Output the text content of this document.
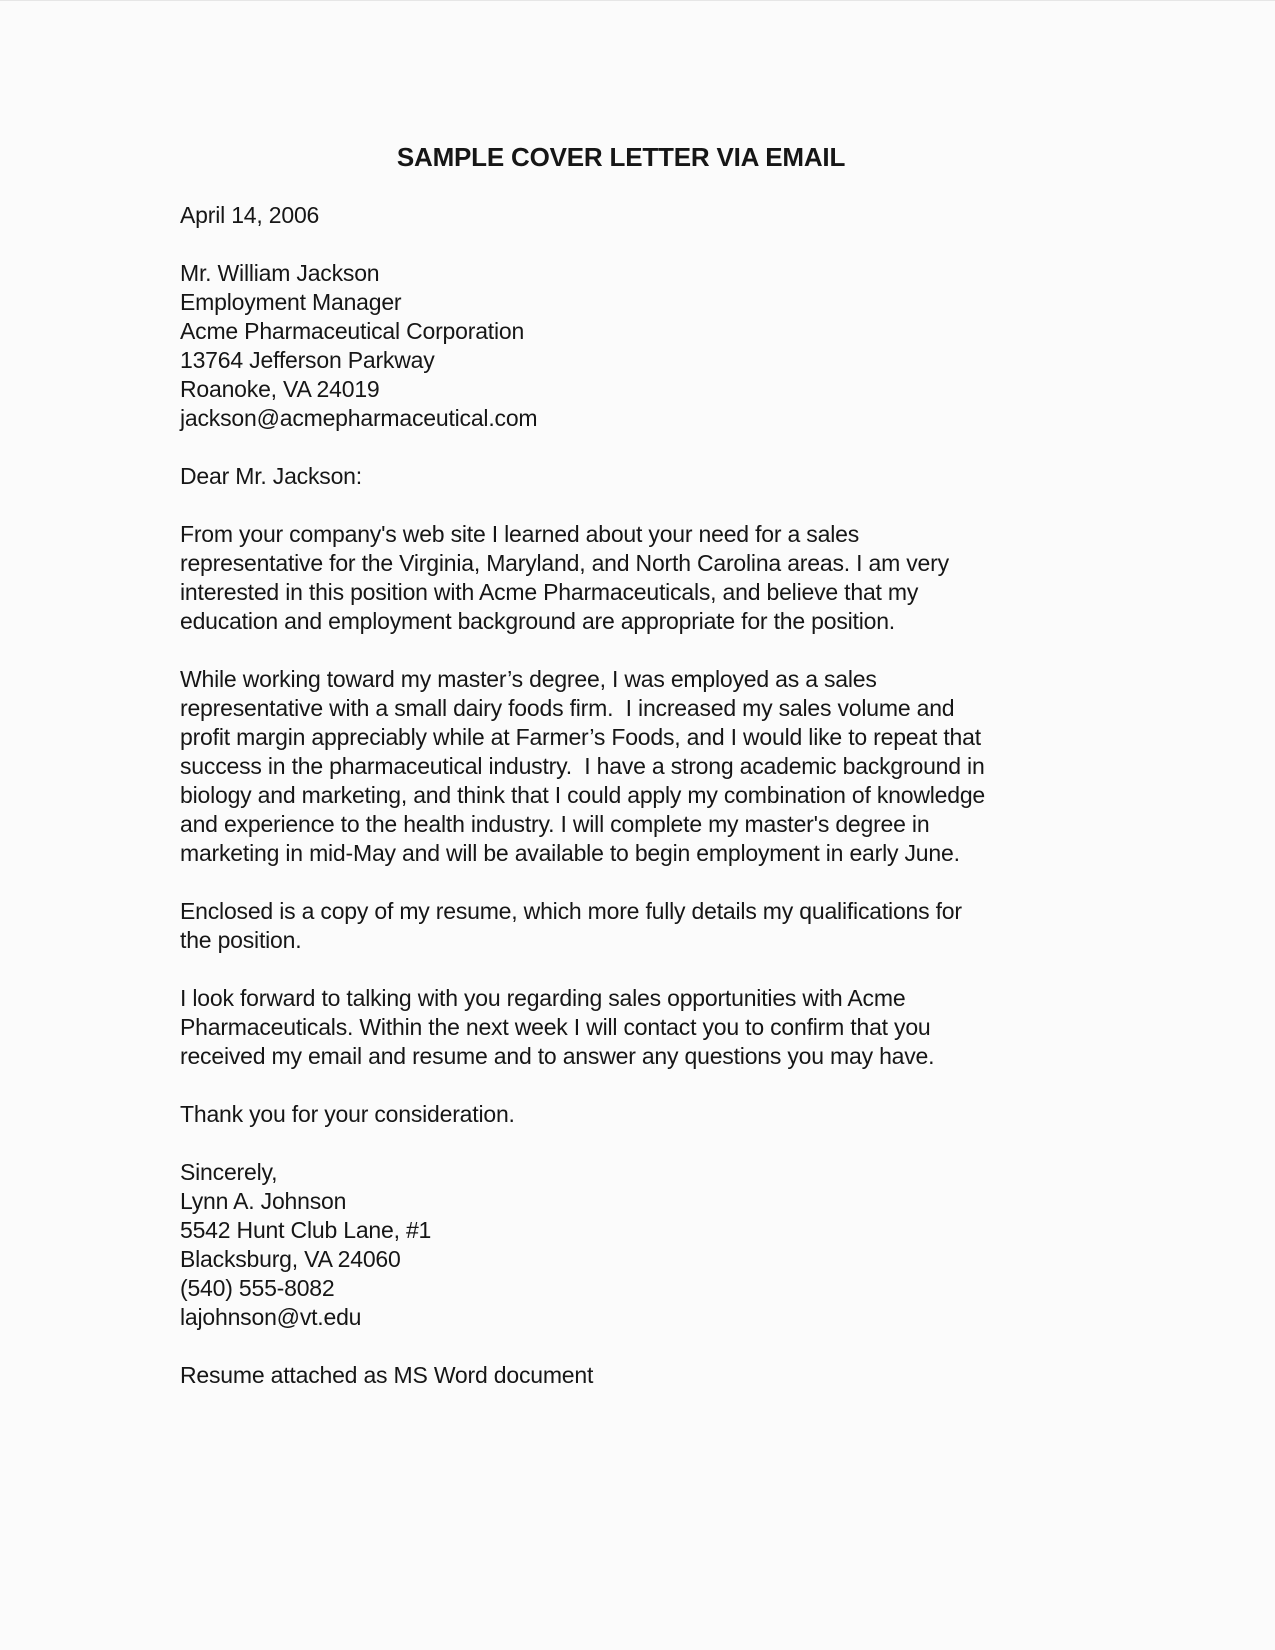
SAMPLE COVER LETTER VIA EMAIL
April 14, 2006
Mr. William Jackson
Employment Manager
Acme Pharmaceutical Corporation
13764 Jefferson Parkway
Roanoke, VA 24019
jackson@acmepharmaceutical.com
Dear Mr. Jackson:
From your company's web site I learned about your need for a sales
representative for the Virginia, Maryland, and North Carolina areas. I am very
interested in this position with Acme Pharmaceuticals, and believe that my
education and employment background are appropriate for the position.
While working toward my master’s degree, I was employed as a sales
representative with a small dairy foods firm.  I increased my sales volume and
profit margin appreciably while at Farmer’s Foods, and I would like to repeat that
success in the pharmaceutical industry.  I have a strong academic background in
biology and marketing, and think that I could apply my combination of knowledge
and experience to the health industry. I will complete my master's degree in
marketing in mid-May and will be available to begin employment in early June.
Enclosed is a copy of my resume, which more fully details my qualifications for
the position.
I look forward to talking with you regarding sales opportunities with Acme
Pharmaceuticals. Within the next week I will contact you to confirm that you
received my email and resume and to answer any questions you may have.
Thank you for your consideration.
Sincerely,
Lynn A. Johnson
5542 Hunt Club Lane, #1
Blacksburg, VA 24060
(540) 555-8082
lajohnson@vt.edu
Resume attached as MS Word document
